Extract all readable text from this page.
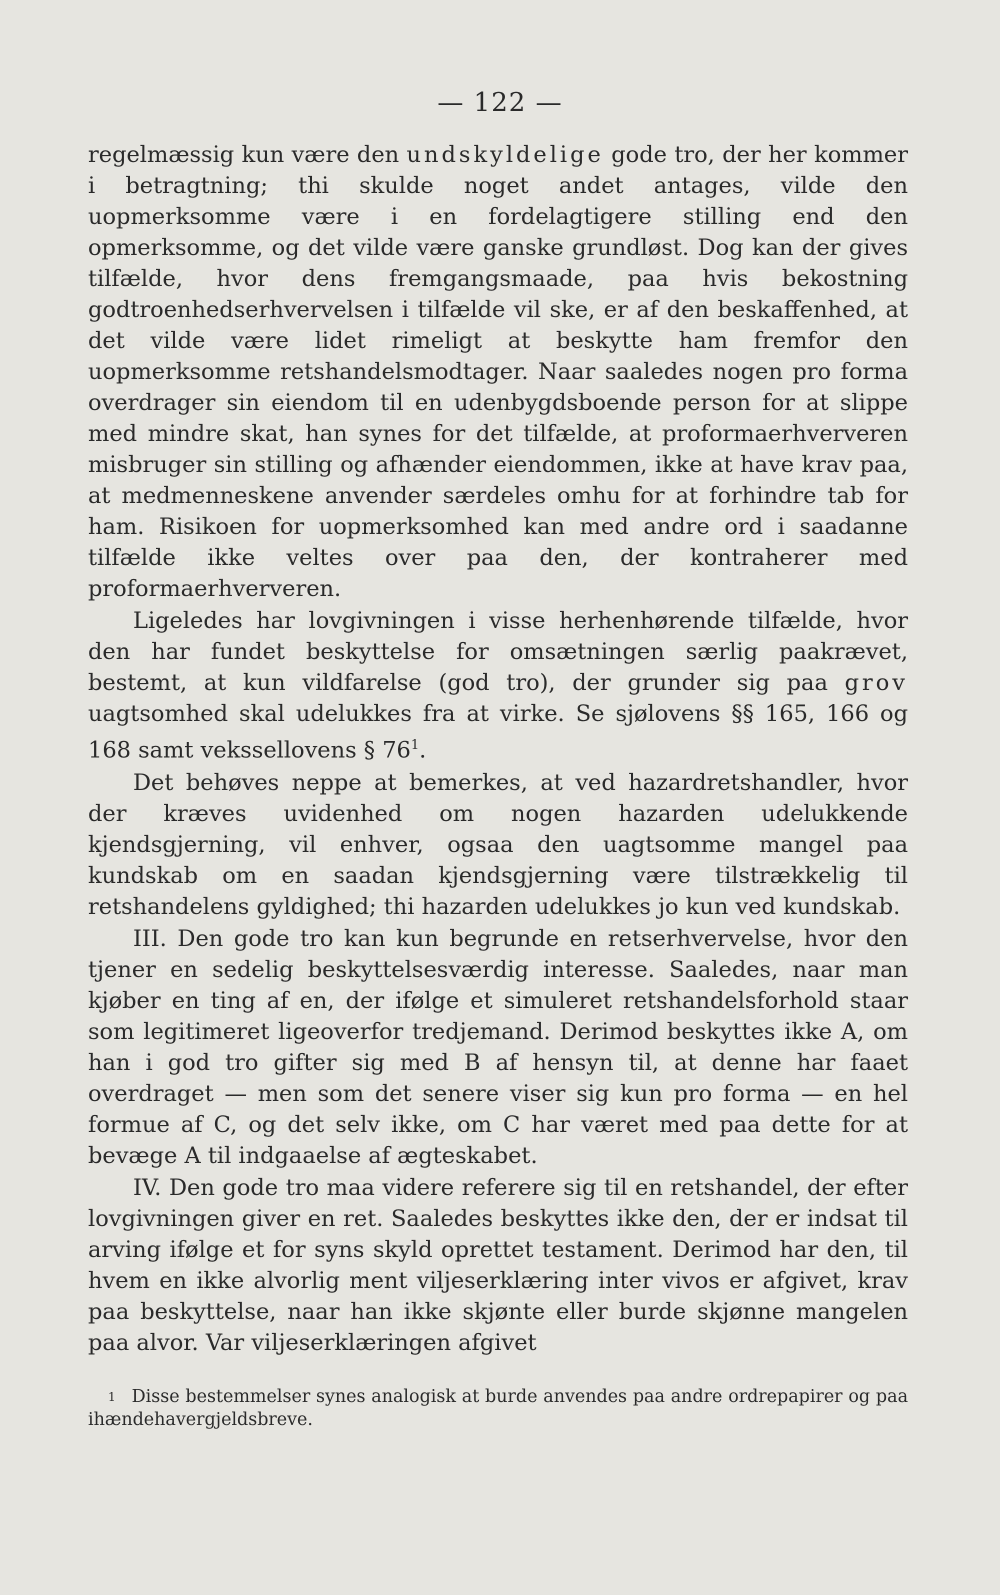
— 122 —

regelmæssig kun være den undskyldelige gode tro, der her kommer i betragtning; thi skulde noget andet antages, vilde den uopmerksomme være i en fordelagtigere stilling end den opmerksomme, og det vilde være ganske grundløst. Dog kan der gives tilfælde, hvor dens fremgangsmaade, paa hvis bekostning godtroenhedserhvervelsen i tilfælde vil ske, er af den beskaffenhed, at det vilde være lidet rimeligt at beskytte ham fremfor den uopmerksomme retshandelsmodtager. Naar saaledes nogen pro forma overdrager sin eiendom til en udenbygdsboende person for at slippe med mindre skat, han synes for det tilfælde, at proformaerhververen misbruger sin stilling og afhænder eiendommen, ikke at have krav paa, at medmenneskene anvender særdeles omhu for at forhindre tab for ham. Risikoen for uopmerksomhed kan med andre ord i saadanne tilfælde ikke veltes over paa den, der kontraherer med proformaerhververen.

Ligeledes har lovgivningen i visse herhenhørende tilfælde, hvor den har fundet beskyttelse for omsætningen særlig paakrævet, bestemt, at kun vildfarelse (god tro), der grunder sig paa grov uagtsomhed skal udelukkes fra at virke. Se sjølovens §§ 165, 166 og 168 samt vekssellovens § $76^1$.

Det behøves neppe at bemerkes, at ved hazardretshandler, hvor der kræves uvidenhed om nogen hazarden udelukkende kjendsgjerning, vil enhver, ogsaa den uagtsomme mangel paa kundskab om en saadan kjendsgjerning være tilstrækkelig til retshandelens gyldighed; thi hazarden udelukkes jo kun ved kundskab.

III. Den gode tro kan kun begrunde en retserhvervelse, hvor den tjener en sedelig beskyttelsesværdig interesse. Saaledes, naar man kjøber en ting af en, der ifølge et simuleret retshandelsforhold staar som legitimeret ligeoverfor tredjemand. Derimod beskyttes ikke A, om han i god tro gifter sig med B af hensyn til, at denne har faaet overdraget — men som det senere viser sig kun pro forma — en hel formue af C, og det selv ikke, om C har været med paa dette for at bevæge A til indgaaelse af ægteskabet.

IV. Den gode tro maa videre referere sig til en retshandel, der efter lovgivningen giver en ret. Saaledes beskyttes ikke den, der er indsat til arving ifølge et for syns skyld oprettet testament. Derimod har den, til hvem en ikke alvorlig ment viljeserklæring inter vivos er afgivet, krav paa beskyttelse, naar han ikke skjønte eller burde skjønne mangelen paa alvor. Var viljeserklæringen afgivet

1 Disse bestemmelser synes analogisk at burde anvendes paa andre ordrepapirer og paa ihændehavergjeldsbreve.
